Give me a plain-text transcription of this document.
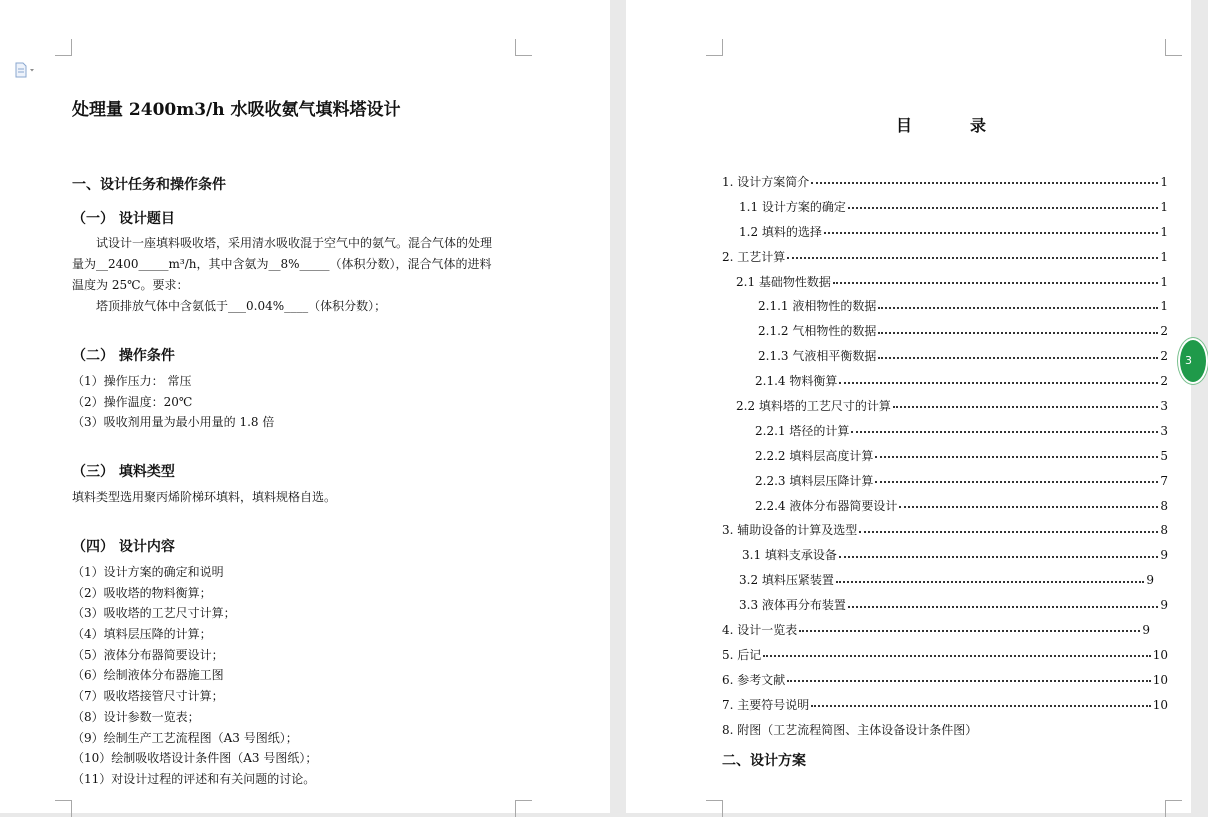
处理量 2400m3/h 水吸收氨气填料塔设计
一、设计任务和操作条件
（一） 设计题目
试设计一座填料吸收塔，采用清水吸收混于空气中的氨气。混合气体的处理
量为__2400_____m³/h，其中含氨为__8%_____（体积分数），混合气体的进料
温度为 25℃。要求：
塔顶排放气体中含氨低于___0.04%____（体积分数）；
（二） 操作条件
（1）操作压力： 常压
（2）操作温度：20℃
（3）吸收剂用量为最小用量的 1.8 倍
（三） 填料类型
填料类型选用聚丙烯阶梯环填料，填料规格自选。
（四） 设计内容
（1）设计方案的确定和说明
（2）吸收塔的物料衡算；
（3）吸收塔的工艺尺寸计算；
（4）填料层压降的计算；
（5）液体分布器简要设计；
（6）绘制液体分布器施工图
（7）吸收塔接管尺寸计算；
（8）设计参数一览表；
（9）绘制生产工艺流程图（A3 号图纸）；
（10）绘制吸收塔设计条件图（A3 号图纸）；
（11）对设计过程的评述和有关问题的讨论。
目录
1. 设计方案简介	1
1.1 设计方案的确定	1
1.2 填料的选择	1
2. 工艺计算	1
2.1 基础物性数据	1
2.1.1 液相物性的数据	1
2.1.2 气相物性的数据	2
2.1.3 气液相平衡数据	2
2.1.4 物料衡算	2
2.2 填料塔的工艺尺寸的计算	3
2.2.1 塔径的计算	3
2.2.2 填料层高度计算	5
2.2.3 填料层压降计算	7
2.2.4 液体分布器简要设计	8
3. 辅助设备的计算及选型	8
3.1 填料支承设备	9
3.2 填料压紧装置	9
3.3 液体再分布装置	9
4. 设计一览表	9
5. 后记	10
6. 参考文献	10
7. 主要符号说明	10
8. 附图（工艺流程简图、主体设备设计条件图）
二、设计方案
3
